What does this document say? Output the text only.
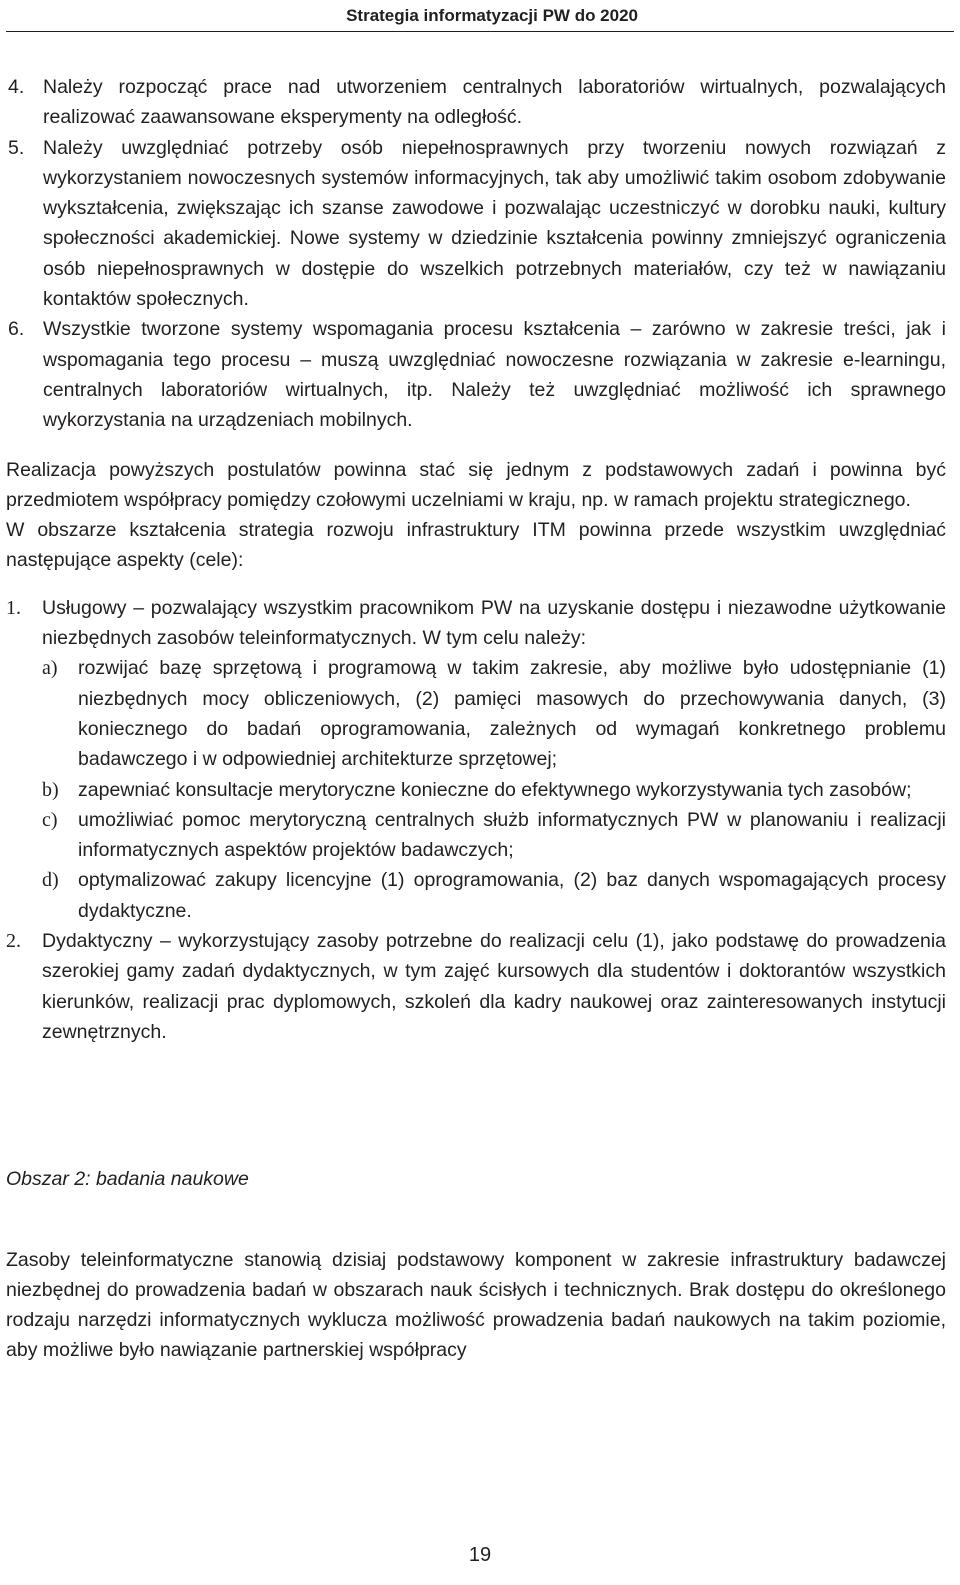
Strategia informatyzacji PW do 2020
4. Należy rozpocząć prace nad utworzeniem centralnych laboratoriów wirtualnych, pozwalających realizować zaawansowane eksperymenty na odległość.
5. Należy uwzględniać potrzeby osób niepełnosprawnych przy tworzeniu nowych rozwiązań z wykorzystaniem nowoczesnych systemów informacyjnych, tak aby umożliwić takim osobom zdobywanie wykształcenia, zwiększając ich szanse zawodowe i pozwalając uczestniczyć w dorobku nauki, kultury społeczności akademickiej. Nowe systemy w dziedzinie kształcenia powinny zmniejszyć ograniczenia osób niepełnosprawnych w dostępie do wszelkich potrzebnych materiałów, czy też w nawiązaniu kontaktów społecznych.
6. Wszystkie tworzone systemy wspomagania procesu kształcenia – zarówno w zakresie treści, jak i wspomagania tego procesu – muszą uwzględniać nowoczesne rozwiązania w zakresie e-learningu, centralnych laboratoriów wirtualnych, itp. Należy też uwzględniać możliwość ich sprawnego wykorzystania na urządzeniach mobilnych.

Realizacja powyższych postulatów powinna stać się jednym z podstawowych zadań i powinna być przedmiotem współpracy pomiędzy czołowymi uczelniami w kraju, np. w ramach projektu strategicznego.

W obszarze kształcenia strategia rozwoju infrastruktury ITM powinna przede wszystkim uwzględniać następujące aspekty (cele):

1. Usługowy – pozwalający wszystkim pracownikom PW na uzyskanie dostępu i niezawodne użytkowanie niezbędnych zasobów teleinformatycznych. W tym celu należy:
a) rozwijać bazę sprzętową i programową w takim zakresie, aby możliwe było udostępnianie (1) niezbędnych mocy obliczeniowych, (2) pamięci masowych do przechowywania danych, (3) koniecznego do badań oprogramowania, zależnych od wymagań konkretnego problemu badawczego i w odpowiedniej architekturze sprzętowej;
b) zapewniać konsultacje merytoryczne konieczne do efektywnego wykorzystywania tych zasobów;
c) umożliwiać pomoc merytoryczną centralnych służb informatycznych PW w planowaniu i realizacji informatycznych aspektów projektów badawczych;
d) optymalizować zakupy licencyjne (1) oprogramowania, (2) baz danych wspomagających procesy dydaktyczne.
2. Dydaktyczny – wykorzystujący zasoby potrzebne do realizacji celu (1), jako podstawę do prowadzenia szerokiej gamy zadań dydaktycznych, w tym zajęć kursowych dla studentów i doktorantów wszystkich kierunków, realizacji prac dyplomowych, szkoleń dla kadry naukowej oraz zainteresowanych instytucji zewnętrznych.

Obszar 2: badania naukowe

Zasoby teleinformatyczne stanowią dzisiaj podstawowy komponent w zakresie infrastruktury badawczej niezbędnej do prowadzenia badań w obszarach nauk ścisłych i technicznych. Brak dostępu do określonego rodzaju narzędzi informatycznych wyklucza możliwość prowadzenia badań naukowych na takim poziomie, aby możliwe było nawiązanie partnerskiej współpracy

19
